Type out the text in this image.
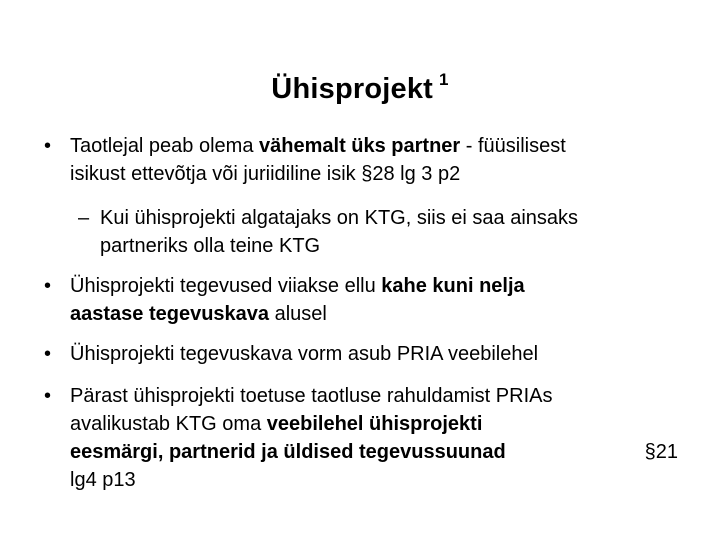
Ühisprojekt $^1$
• Taotlejal peab olema vähemalt üks partner - füüsilisest
isikust ettevõtja või juriidiline isik §28 lg 3 p2
– Kui ühisprojekti algatajaks on KTG, siis ei saa ainsaks
partneriks olla teine KTG
• Ühisprojekti tegevused viiakse ellu kahe kuni nelja
aastase tegevuskava alusel
• Ühisprojekti tegevuskava vorm asub PRIA veebilehel
• Pärast ühisprojekti toetuse taotluse rahuldamist PRIAs
avalikustab KTG oma veebilehel ühisprojekti
eesmärgi, partnerid ja üldised tegevussuunad	§21
lg4 p13
